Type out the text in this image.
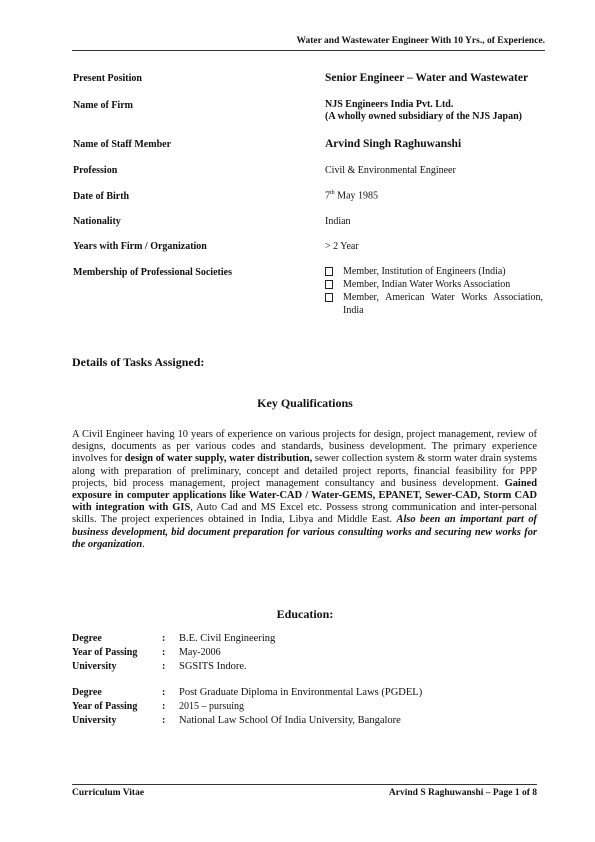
Water and Wastewater Engineer With 10 Yrs., of Experience.
Present Position	Senior Engineer – Water and Wastewater
Name of Firm	NJS Engineers India Pvt. Ltd.
(A wholly owned subsidiary of the NJS Japan)
Name of Staff Member	Arvind Singh Raghuwanshi
Profession	Civil & Environmental Engineer
Date of Birth	7th May 1985
Nationality	Indian
Years with Firm / Organization	> 2 Year
Membership of Professional Societies	Member, Institution of Engineers (India)
Member, Indian Water Works Association
Member, American Water Works Association, India
Details of Tasks Assigned:
Key Qualifications
A Civil Engineer having 10 years of experience on various projects for design, project management, review of designs, documents as per various codes and standards, business development. The primary experience involves for design of water supply, water distribution, sewer collection system & storm water drain systems along with preparation of preliminary, concept and detailed project reports, financial feasibility for PPP projects, bid process management, project management consultancy and business development. Gained exposure in computer applications like Water-CAD / Water-GEMS, EPANET, Sewer-CAD, Storm CAD with integration with GIS, Auto Cad and MS Excel etc. Possess strong communication and inter-personal skills. The project experiences obtained in India, Libya and Middle East. Also been an important part of business development, bid document preparation for various consulting works and securing new works for the organization.
Education:
Degree	: B.E. Civil Engineering
Year of Passing : May-2006
University	: SGSITS Indore.
Degree	: Post Graduate Diploma in Environmental Laws (PGDEL)
Year of Passing : 2015 – pursuing
University	: National Law School Of India University, Bangalore
Curriculum Vitae	Arvind S Raghuwanshi – Page 1 of 8
